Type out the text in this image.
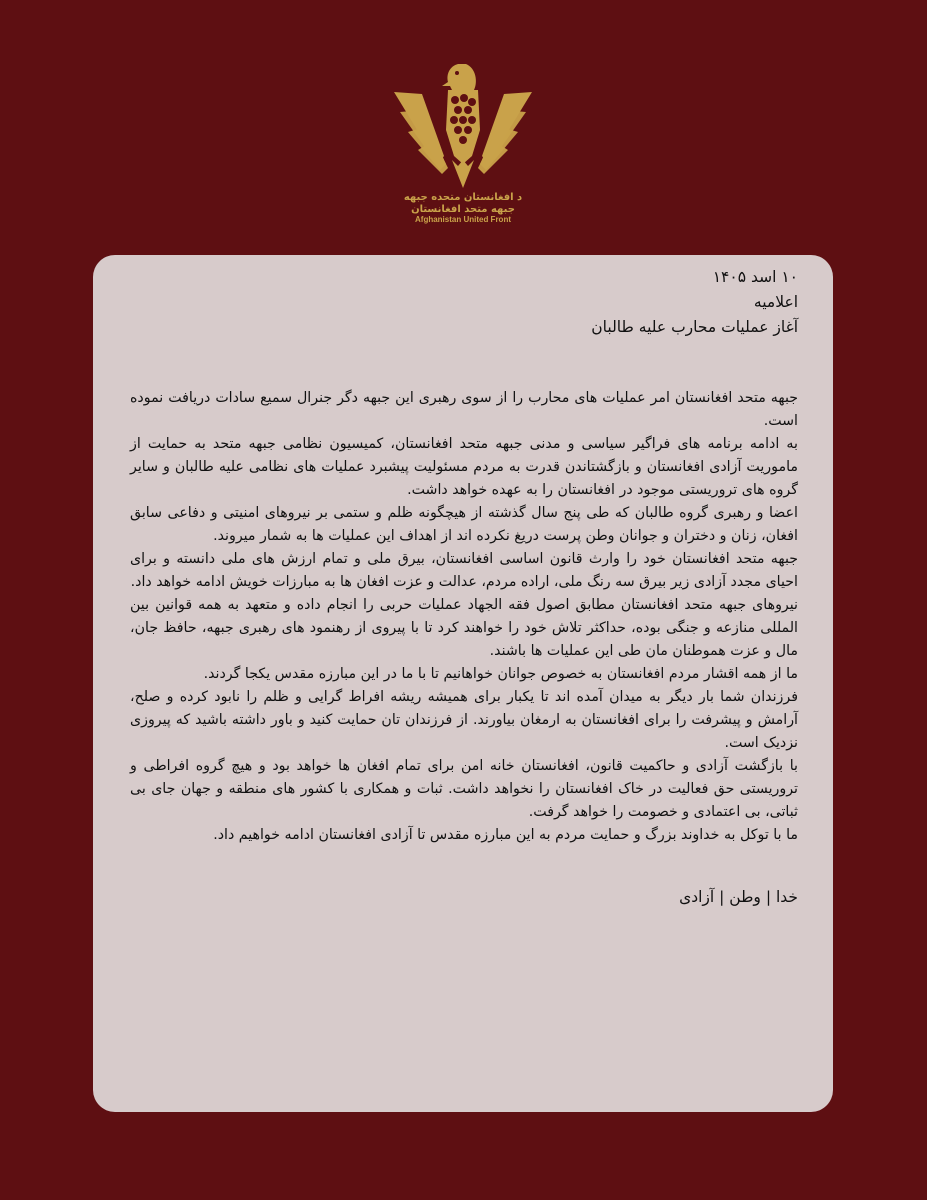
د افغانستان متحده جبهه
جبهه متحد افغانستان
Afghanistan United Front

۱۰ اسد ۱۴۰۵

اعلامیه

آغاز عملیات محارب علیه طالبان

جبهه متحد افغانستان امر عملیات های محارب را از سوی رهبری این جبهه دگر جنرال سمیع سادات دریافت نموده است.

به ادامه برنامه های فراگیر سیاسی و مدنی جبهه متحد افغانستان، کمیسیون نظامی جبهه متحد به حمایت از ماموریت آزادی افغانستان و بازگشتاندن قدرت به مردم مسئولیت پیشبرد عملیات های نظامی علیه طالبان و سایر گروه های تروریستی موجود در افغانستان را به عهده خواهد داشت.

اعضا و رهبری گروه طالبان که طی پنج سال گذشته از هیچگونه ظلم و ستمی بر نیروهای امنیتی و دفاعی سابق افغان، زنان و دختران و جوانان وطن پرست دریغ نکرده اند از اهداف این عملیات ها به شمار میروند.

جبهه متحد افغانستان خود را وارث قانون اساسی افغانستان، بیرق ملی و تمام ارزش های ملی دانسته و برای احیای مجدد آزادی زیر بیرق سه رنگ ملی، اراده مردم، عدالت و عزت افغان ها به مبارزات خویش ادامه خواهد داد.

نیروهای جبهه متحد افغانستان مطابق اصول فقه الجهاد عملیات حربی را انجام داده و متعهد به همه قوانین بین المللی منازعه و جنگی بوده، حداکثر تلاش خود را خواهند کرد تا با پیروی از رهنمود های رهبری جبهه، حافظ جان، مال و عزت هموطنان مان طی این عملیات ها باشند.

ما از همه اقشار مردم افغانستان به خصوص جوانان خواهانیم تا با ما در این مبارزه مقدس یکجا گردند.

فرزندان شما بار دیگر به میدان آمده اند تا یکبار برای همیشه ریشه افراط گرایی و ظلم را نابود کرده و صلح، آرامش و پیشرفت را برای افغانستان به ارمغان بیاورند. از فرزندان تان حمایت کنید و باور داشته باشید که پیروزی نزدیک است.

با بازگشت آزادی و حاکمیت قانون، افغانستان خانه امن برای تمام افغان ها خواهد بود و هیچ گروه افراطی و تروریستی حق فعالیت در خاک افغانستان را نخواهد داشت. ثبات و همکاری با کشور های منطقه و جهان جای بی ثباتی، بی اعتمادی و خصومت را خواهد گرفت.

ما با توکل به خداوند بزرگ و حمایت مردم به این مبارزه مقدس تا آزادی افغانستان ادامه خواهیم داد.

خدا | وطن | آزادی
